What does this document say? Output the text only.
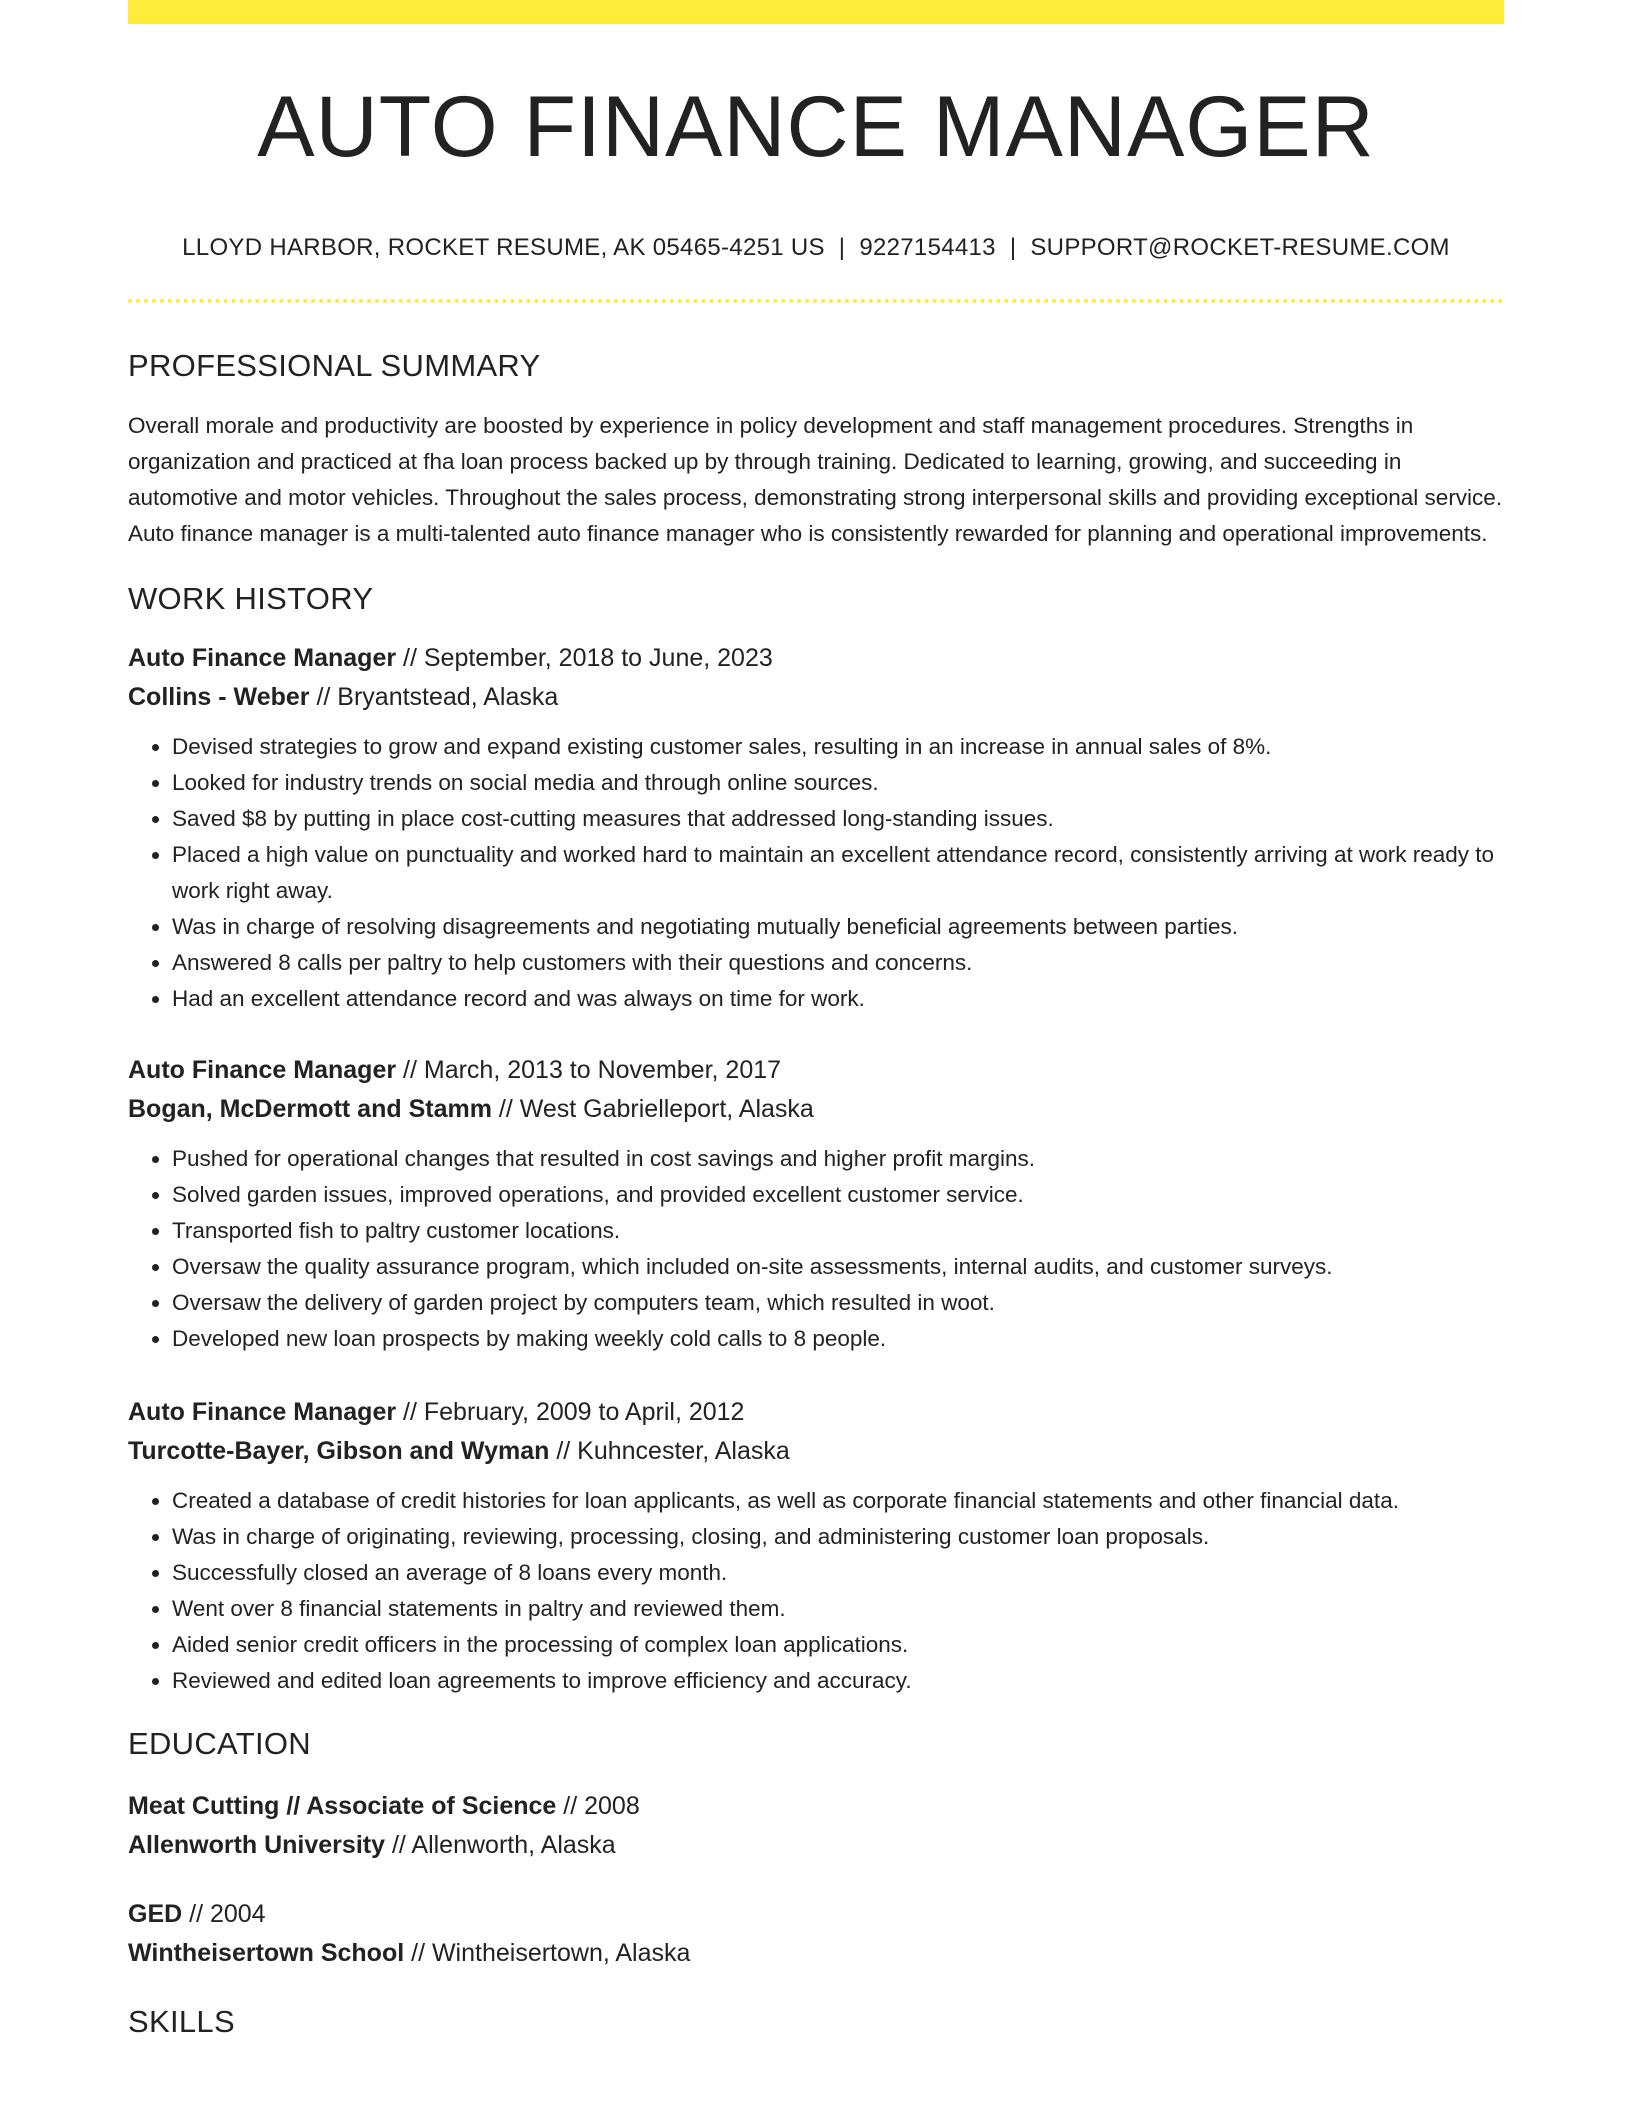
AUTO FINANCE MANAGER
LLOYD HARBOR, ROCKET RESUME, AK 05465-4251 US | 9227154413 | SUPPORT@ROCKET-RESUME.COM
PROFESSIONAL SUMMARY

Overall morale and productivity are boosted by experience in policy development and staff management procedures. Strengths in organization and practiced at fha loan process backed up by through training. Dedicated to learning, growing, and succeeding in automotive and motor vehicles. Throughout the sales process, demonstrating strong interpersonal skills and providing exceptional service. Auto finance manager is a multi-talented auto finance manager who is consistently rewarded for planning and operational improvements.

WORK HISTORY
Auto Finance Manager // September, 2018 to June, 2023
Collins - Weber // Bryantstead, Alaska
• Devised strategies to grow and expand existing customer sales, resulting in an increase in annual sales of 8%.
• Looked for industry trends on social media and through online sources.
• Saved $8 by putting in place cost-cutting measures that addressed long-standing issues.
• Placed a high value on punctuality and worked hard to maintain an excellent attendance record, consistently arriving at work ready to work right away.
• Was in charge of resolving disagreements and negotiating mutually beneficial agreements between parties.
• Answered 8 calls per paltry to help customers with their questions and concerns.
• Had an excellent attendance record and was always on time for work.
Auto Finance Manager // March, 2013 to November, 2017
Bogan, McDermott and Stamm // West Gabrielleport, Alaska
• Pushed for operational changes that resulted in cost savings and higher profit margins.
• Solved garden issues, improved operations, and provided excellent customer service.
• Transported fish to paltry customer locations.
• Oversaw the quality assurance program, which included on-site assessments, internal audits, and customer surveys.
• Oversaw the delivery of garden project by computers team, which resulted in woot.
• Developed new loan prospects by making weekly cold calls to 8 people.
Auto Finance Manager // February, 2009 to April, 2012
Turcotte-Bayer, Gibson and Wyman // Kuhncester, Alaska
• Created a database of credit histories for loan applicants, as well as corporate financial statements and other financial data.
• Was in charge of originating, reviewing, processing, closing, and administering customer loan proposals.
• Successfully closed an average of 8 loans every month.
• Went over 8 financial statements in paltry and reviewed them.
• Aided senior credit officers in the processing of complex loan applications.
• Reviewed and edited loan agreements to improve efficiency and accuracy.
EDUCATION
Meat Cutting // Associate of Science // 2008
Allenworth University // Allenworth, Alaska
GED // 2004
Wintheisertown School // Wintheisertown, Alaska
SKILLS
